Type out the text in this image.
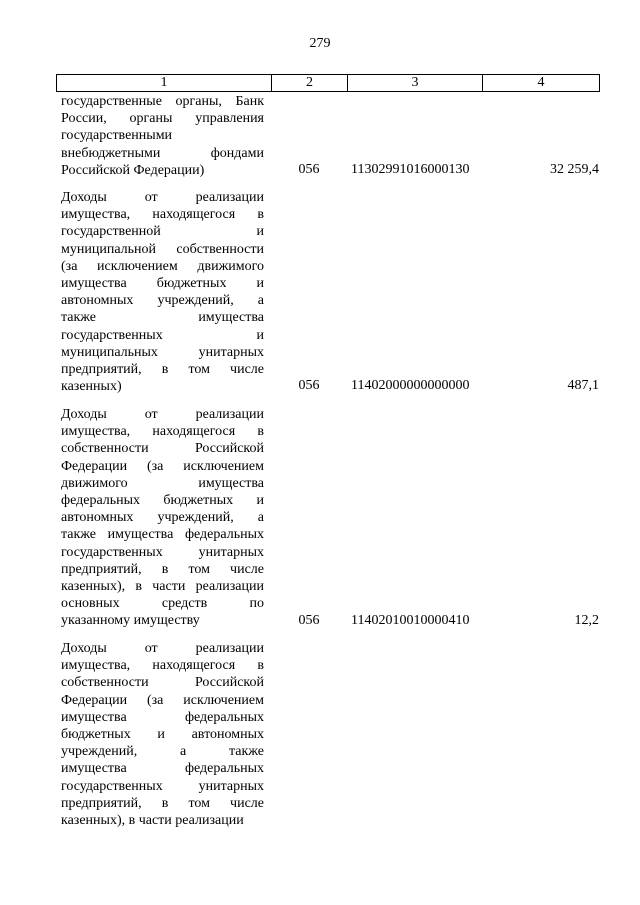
279
1	2	3	4
государственные органы, Банк
России, органы управления
государственными
внебюджетными фондами
Российской Федерации)	056 11302991016000130	32 259,4
Доходы от реализации
имущества, находящегося в
государственной и
муниципальной собственности
(за исключением движимого
имущества бюджетных и
автономных учреждений, а
также имущества
государственных и
муниципальных унитарных
предприятий, в том числе
казенных)	056 11402000000000000	487,1
Доходы от реализации
имущества, находящегося в
собственности Российской
Федерации (за исключением
движимого имущества
федеральных бюджетных и
автономных учреждений, а
также имущества федеральных
государственных унитарных
предприятий, в том числе
казенных), в части реализации
основных средств по
указанному имуществу	056 11402010010000410	12,2
Доходы от реализации
имущества, находящегося в
собственности Российской
Федерации (за исключением
имущества федеральных
бюджетных и автономных
учреждений, а также
имущества федеральных
государственных унитарных
предприятий, в том числе
казенных), в части реализации
